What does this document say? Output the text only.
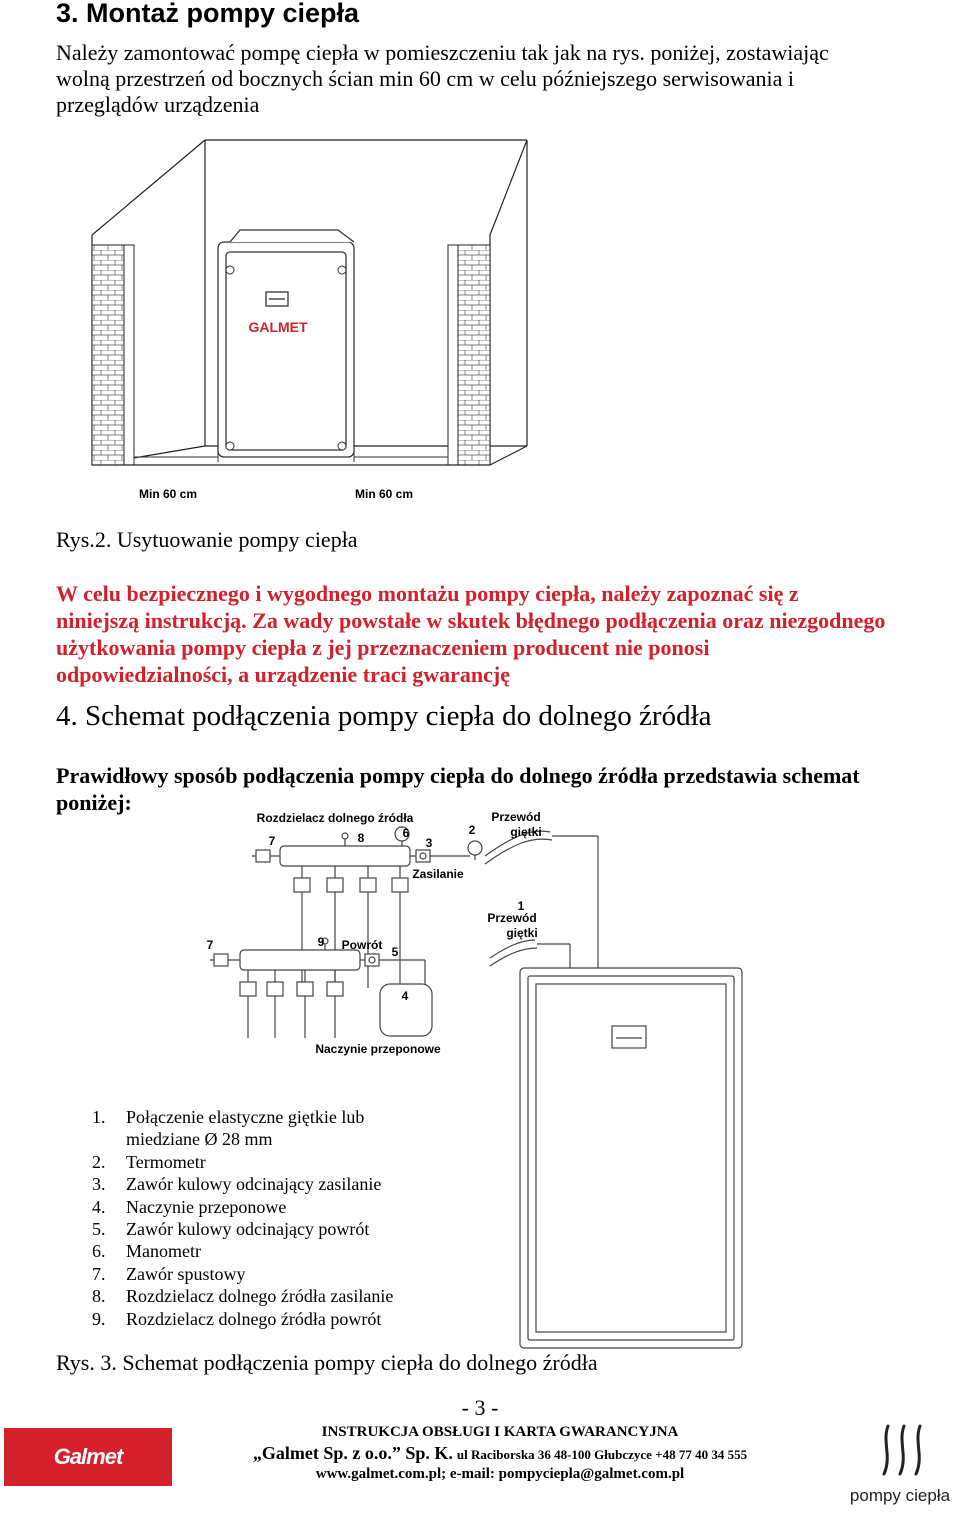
3. Montaż pompy ciepła
Należy zamontować pompę ciepła w pomieszczeniu tak jak na rys. poniżej, zostawiając
wolną przestrzeń od bocznych ścian min 60 cm w celu późniejszego serwisowania i
przeglądów urządzenia
GALMET
Min 60 cm	Min 60 cm
Rys.2. Usytuowanie pompy ciepła
W celu bezpiecznego i wygodnego montażu pompy ciepła, należy zapoznać się z
niniejszą instrukcją. Za wady powstałe w skutek błędnego podłączenia oraz niezgodnego
użytkowania pompy ciepła z jej przeznaczeniem producent nie ponosi
odpowiedzialności, a urządzenie traci gwarancję
4. Schemat podłączenia pompy ciepła do dolnego źródła
Prawidłowy sposób podłączenia pompy ciepła do dolnego źródła przedstawia schemat
poniżej:
Rozdzielacz dolnego źródła
7	8	6
3
2
Przewód
giętki
Zasilanie
1
Przewód
giętki
7	9 Powrót 5
4
Naczynie przeponowe
1.	Połączenie elastyczne giętkie lub
miedziane Ø 28 mm
2.	Termometr
3.	Zawór kulowy odcinający zasilanie
4.	Naczynie przeponowe
5.	Zawór kulowy odcinający powrót
6.	Manometr
7.	Zawór spustowy
8.	Rozdzielacz dolnego źródła zasilanie
9.	Rozdzielacz dolnego źródła powrót
Rys. 3. Schemat podłączenia pompy ciepła do dolnego źródła
- 3 -
Galmet
INSTRUKCJA OBSŁUGI I KARTA GWARANCYJNA
„Galmet Sp. z o.o.” Sp. K. ul Raciborska 36 48-100 Głubczyce +48 77 40 34 555
www.galmet.com.pl; e-mail: pompyciepla@galmet.com.pl
pompy ciepła
